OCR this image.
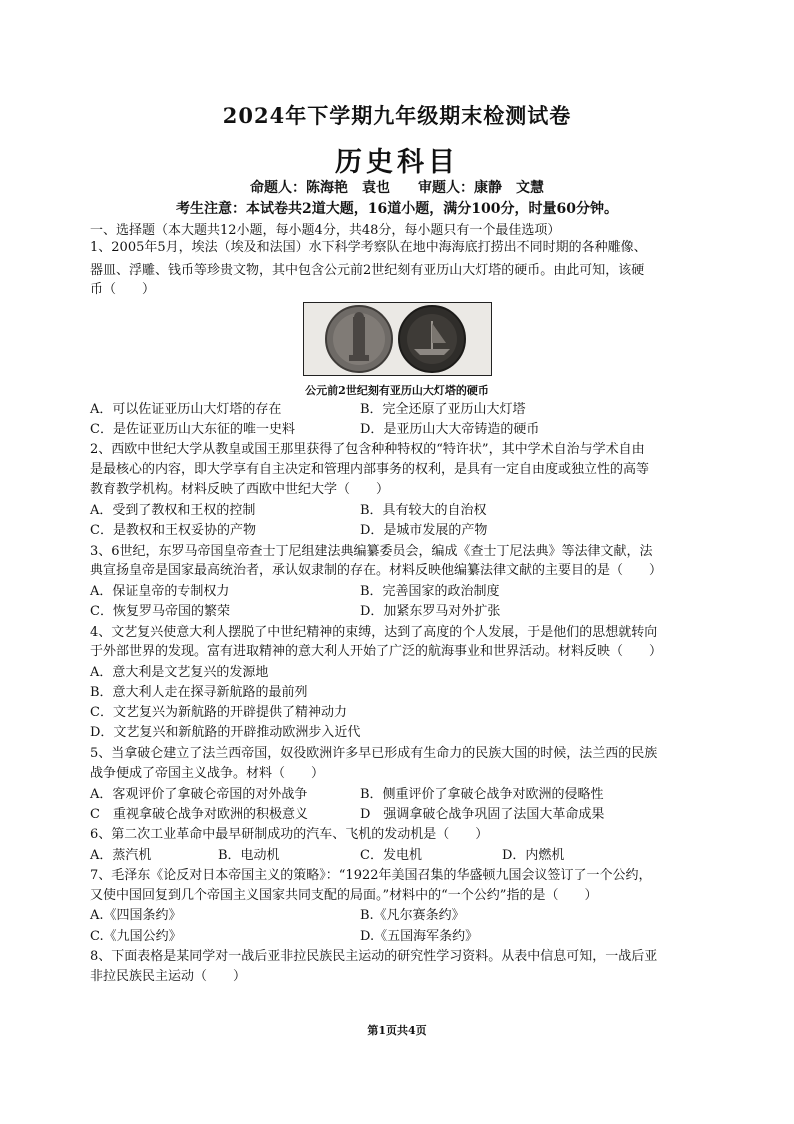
2024年下学期九年级期末检测试卷
历史科目
命题人：陈海艳　袁也　　审题人：康静　文慧
考生注意：本试卷共2道大题，16道小题，满分100分，时量60分钟。
一、选择题（本大题共12小题，每小题4分，共48分，每小题只有一个最佳选项）
1、2005年5月，埃法（埃及和法国）水下科学考察队在地中海海底打捞出不同时期的各种雕像、
器皿、浮雕、钱币等珍贵文物，其中包含公元前2世纪刻有亚历山大灯塔的硬币。由此可知，该硬
币（　　）
公元前2世纪刻有亚历山大灯塔的硬币
A．可以佐证亚历山大灯塔的存在	B．完全还原了亚历山大灯塔
C．是佐证亚历山大东征的唯一史料	D．是亚历山大大帝铸造的硬币
2、西欧中世纪大学从教皇或国王那里获得了包含种种特权的“特许状”，其中学术自治与学术自由
是最核心的内容，即大学享有自主决定和管理内部事务的权利，是具有一定自由度或独立性的高等
教育教学机构。材料反映了西欧中世纪大学（　　）
A．受到了教权和王权的控制	B．具有较大的自治权
C．是教权和王权妥协的产物	D．是城市发展的产物
3、6世纪，东罗马帝国皇帝查士丁尼组建法典编纂委员会，编成《查士丁尼法典》等法律文献，法
典宣扬皇帝是国家最高统治者，承认奴隶制的存在。材料反映他编纂法律文献的主要目的是（　　）
A．保证皇帝的专制权力	B．完善国家的政治制度
C．恢复罗马帝国的繁荣	D．加紧东罗马对外扩张
4、文艺复兴使意大利人摆脱了中世纪精神的束缚，达到了高度的个人发展，于是他们的思想就转向
于外部世界的发现。富有进取精神的意大利人开始了广泛的航海事业和世界活动。材料反映（　　）
A．意大利是文艺复兴的发源地
B．意大利人走在探寻新航路的最前列
C．文艺复兴为新航路的开辟提供了精神动力
D．文艺复兴和新航路的开辟推动欧洲步入近代
5、当拿破仑建立了法兰西帝国，奴役欧洲许多早已形成有生命力的民族大国的时候，法兰西的民族
战争便成了帝国主义战争。材料（　　）
A．客观评价了拿破仑帝国的对外战争	B．侧重评价了拿破仑战争对欧洲的侵略性
C　重视拿破仑战争对欧洲的积极意义	D　强调拿破仑战争巩固了法国大革命成果
6、第二次工业革命中最早研制成功的汽车、飞机的发动机是（　　）
A．蒸汽机	B．电动机	C．发电机	D．内燃机
7、毛泽东《论反对日本帝国主义的策略》：“1922年美国召集的华盛顿九国会议签订了一个公约，
又使中国回复到几个帝国主义国家共同支配的局面。”材料中的“一个公约”指的是（　　）
A.《四国条约》	B.《凡尔赛条约》
C.《九国公约》	D.《五国海军条约》
8、下面表格是某同学对一战后亚非拉民族民主运动的研究性学习资料。从表中信息可知，一战后亚
非拉民族民主运动（　　）
第1页共4页
